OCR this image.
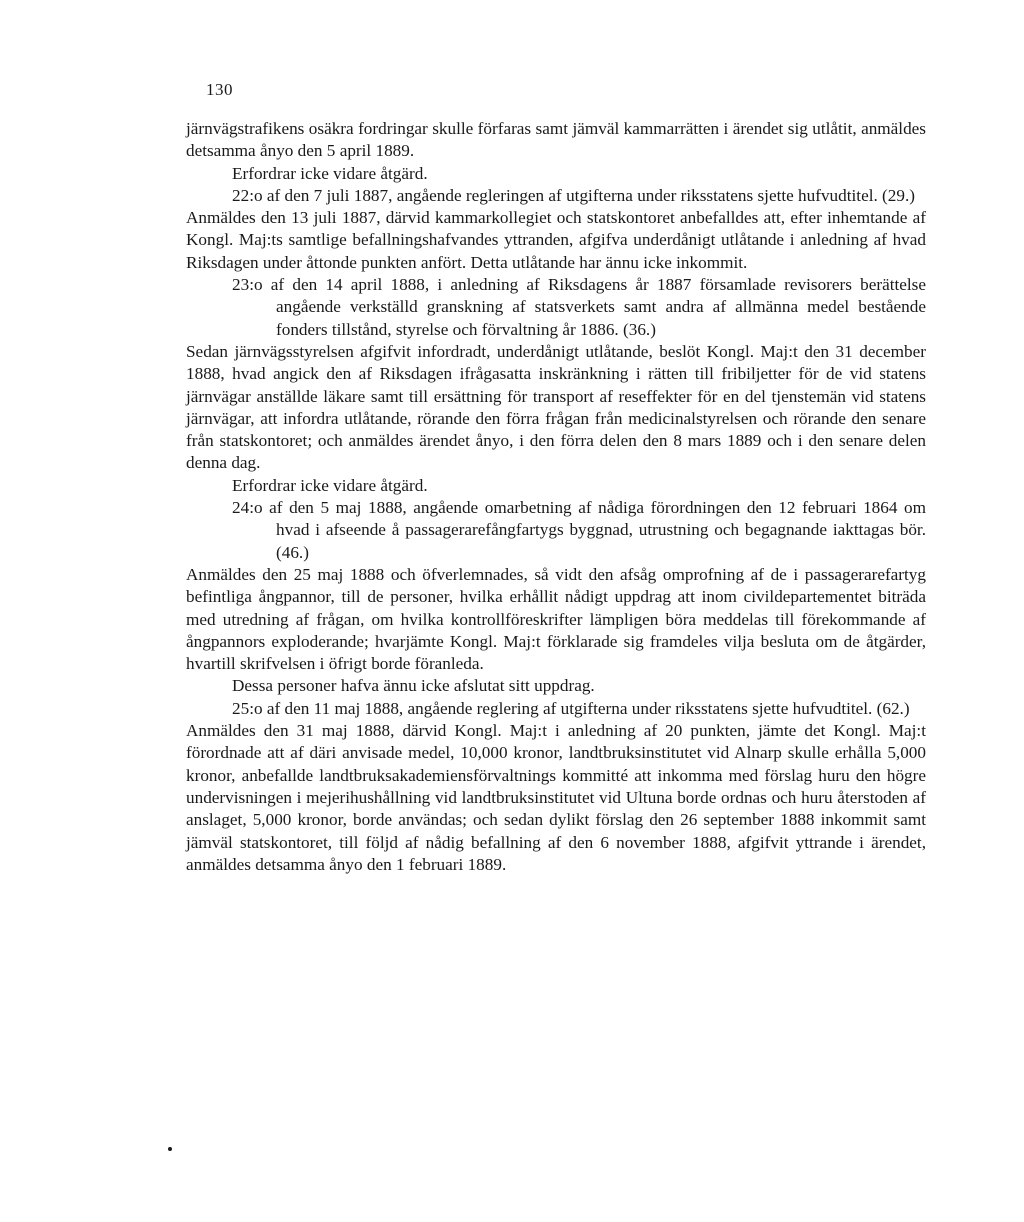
130

järnvägstrafikens osäkra fordringar skulle förfaras samt jämväl kammarrätten i ärendet sig utlåtit, anmäldes detsamma ånyo den 5 april 1889.

Erfordrar icke vidare åtgärd.

22:o af den 7 juli 1887, angående regleringen af utgifterna under riksstatens sjette hufvudtitel. (29.)

Anmäldes den 13 juli 1887, därvid kammarkollegiet och statskontoret anbefalldes att, efter inhemtande af Kongl. Maj:ts samtlige befallningshafvandes yttranden, afgifva underdånigt utlåtande i anledning af hvad Riksdagen under åttonde punkten anfört. Detta utlåtande har ännu icke inkommit.

23:o af den 14 april 1888, i anledning af Riksdagens år 1887 församlade revisorers berättelse angående verkställd granskning af statsverkets samt andra af allmänna medel bestående fonders tillstånd, styrelse och förvaltning år 1886. (36.)

Sedan järnvägsstyrelsen afgifvit infordradt, underdånigt utlåtande, beslöt Kongl. Maj:t den 31 december 1888, hvad angick den af Riksdagen ifrågasatta inskränkning i rätten till fribiljetter för de vid statens järnvägar anställde läkare samt till ersättning för transport af reseffekter för en del tjenstemän vid statens järnvägar, att infordra utlåtande, rörande den förra frågan från medicinalstyrelsen och rörande den senare från statskontoret; och anmäldes ärendet ånyo, i den förra delen den 8 mars 1889 och i den senare delen denna dag.

Erfordrar icke vidare åtgärd.

24:o af den 5 maj 1888, angående omarbetning af nådiga förordningen den 12 februari 1864 om hvad i afseende å passagerarefångfartygs byggnad, utrustning och begagnande iakttagas bör. (46.)

Anmäldes den 25 maj 1888 och öfverlemnades, så vidt den afsåg omprofning af de i passagerarefartyg befintliga ångpannor, till de personer, hvilka erhållit nådigt uppdrag att inom civildepartementet biträda med utredning af frågan, om hvilka kontrollföreskrifter lämpligen böra meddelas till förekommande af ångpannors exploderande; hvarjämte Kongl. Maj:t förklarade sig framdeles vilja besluta om de åtgärder, hvartill skrifvelsen i öfrigt borde föranleda.

Dessa personer hafva ännu icke afslutat sitt uppdrag.

25:o af den 11 maj 1888, angående reglering af utgifterna under riksstatens sjette hufvudtitel. (62.)

Anmäldes den 31 maj 1888, därvid Kongl. Maj:t i anledning af 20 punkten, jämte det Kongl. Maj:t förordnade att af däri anvisade medel, 10,000 kronor, landtbruksinstitutet vid Alnarp skulle erhålla 5,000 kronor, anbefallde landtbruksakademiensförvaltnings kommitté att inkomma med förslag huru den högre undervisningen i mejerihushållning vid landtbruksinstitutet vid Ultuna borde ordnas och huru återstoden af anslaget, 5,000 kronor, borde användas; och sedan dylikt förslag den 26 september 1888 inkommit samt jämväl statskontoret, till följd af nådig befallning af den 6 november 1888, afgifvit yttrande i ärendet, anmäldes detsamma ånyo den 1 februari 1889.
